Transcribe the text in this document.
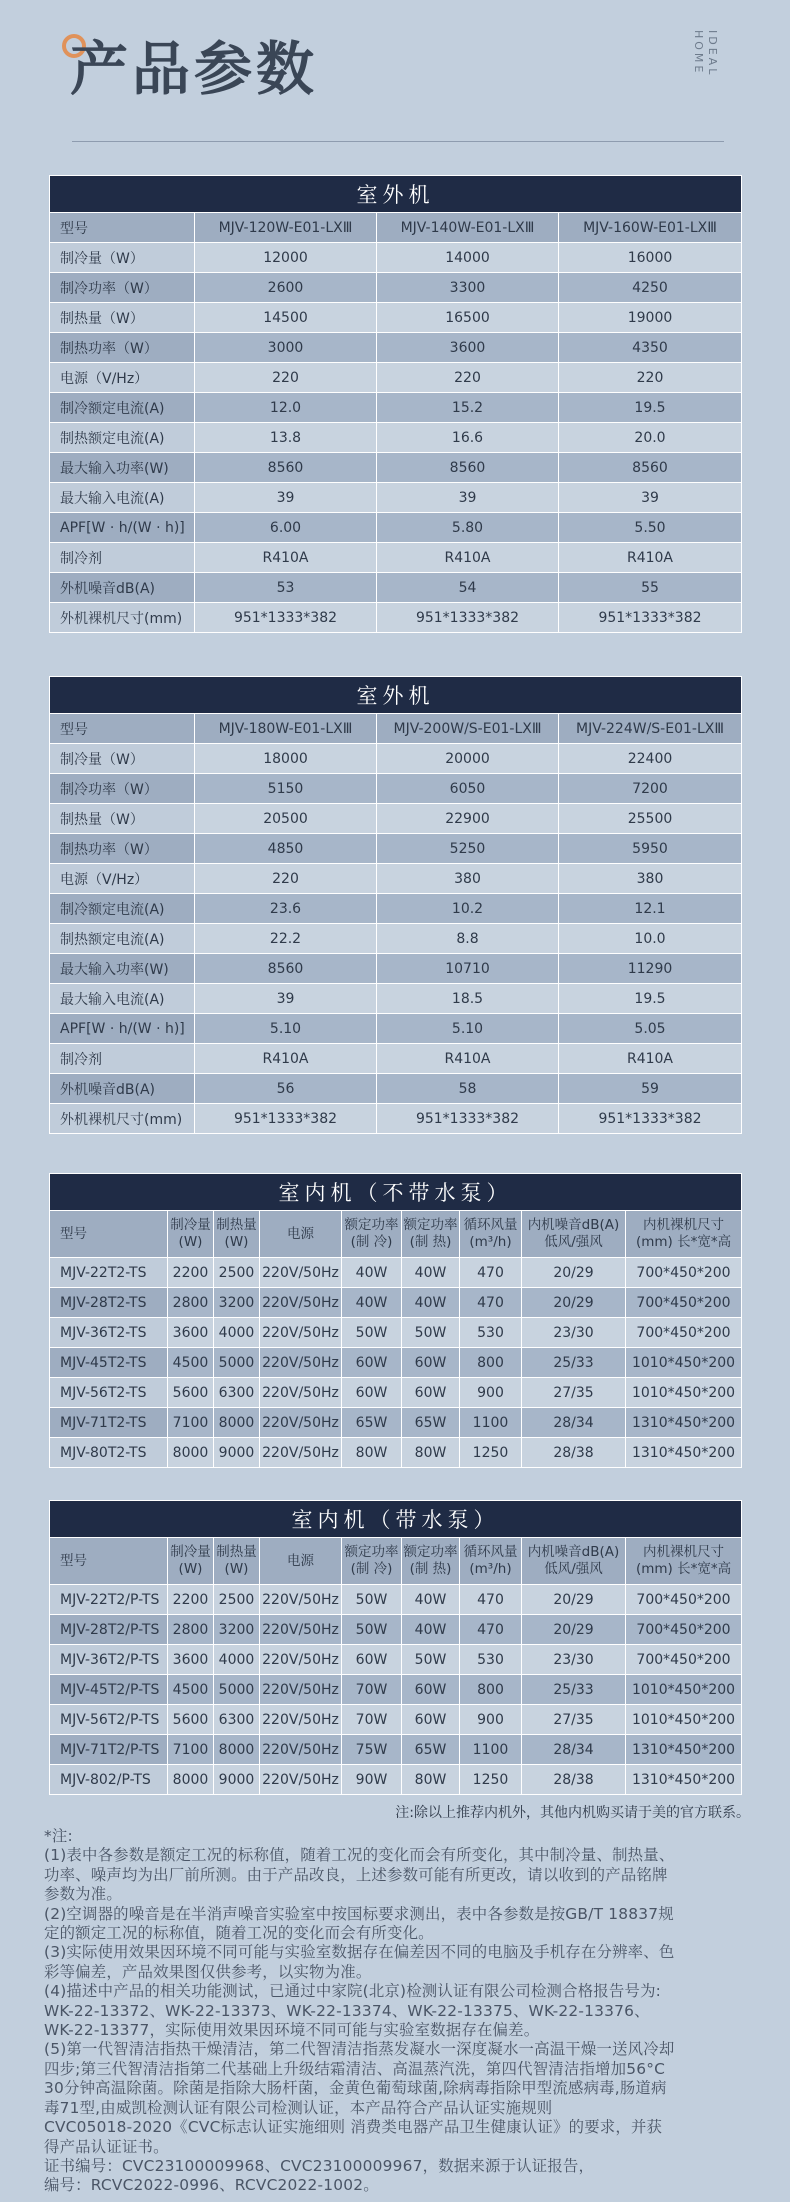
产品参数	IDEAL
HOME
室外机			
型号	MJV-120W-E01-LXⅢ	MJV-140W-E01-LXⅢ	MJV-160W-E01-LXⅢ
制冷量（W）	12000	14000	16000
制冷功率（W）	2600	3300	4250
制热量（W）	14500	16500	19000
制热功率（W）	3000	3600	4350
电源（V/Hz）	220	220	220
制冷额定电流(A)	12.0	15.2	19.5
制热额定电流(A)	13.8	16.6	20.0
最大输入功率(W)	8560	8560	8560
最大输入电流(A)	39	39	39
APF[W · h/(W · h)]	6.00	5.80	5.50
制冷剂	R410A	R410A	R410A
外机噪音dB(A)	53	54	55
外机裸机尺寸(mm)	951*1333*382	951*1333*382	951*1333*382
室外机			
型号	MJV-180W-E01-LXⅢ	MJV-200W/S-E01-LXⅢ	MJV-224W/S-E01-LXⅢ
制冷量（W）	18000	20000	22400
制冷功率（W）	5150	6050	7200
制热量（W）	20500	22900	25500
制热功率（W）	4850	5250	5950
电源（V/Hz）	220	380	380
制冷额定电流(A)	23.6	10.2	12.1
制热额定电流(A)	22.2	8.8	10.0
最大输入功率(W)	8560	10710	11290
最大输入电流(A)	39	18.5	19.5
APF[W · h/(W · h)]	5.10	5.10	5.05
制冷剂	R410A	R410A	R410A
外机噪音dB(A)	56	58	59
外机裸机尺寸(mm)	951*1333*382	951*1333*382	951*1333*382
室内机（不带水泵）								
型号	制冷量 (W)	制热量 (W)	电源	额定功率 (制 冷)	额定功率 (制 热)	循环风量 (m³/h)	内机噪音dB(A) 低风/强风	内机裸机尺寸 (mm) 长*宽*高
MJV-22T2-TS	2200	2500	220V/50Hz	40W	40W	470	20/29	700*450*200
MJV-28T2-TS	2800	3200	220V/50Hz	40W	40W	470	20/29	700*450*200
MJV-36T2-TS	3600	4000	220V/50Hz	50W	50W	530	23/30	700*450*200
MJV-45T2-TS	4500	5000	220V/50Hz	60W	60W	800	25/33	1010*450*200
MJV-56T2-TS	5600	6300	220V/50Hz	60W	60W	900	27/35	1010*450*200
MJV-71T2-TS	7100	8000	220V/50Hz	65W	65W	1100	28/34	1310*450*200
MJV-80T2-TS	8000	9000	220V/50Hz	80W	80W	1250	28/38	1310*450*200
室内机（带水泵）								
型号	制冷量 (W)	制热量 (W)	电源	额定功率 (制 冷)	额定功率 (制 热)	循环风量 (m³/h)	内机噪音dB(A) 低风/强风	内机裸机尺寸 (mm) 长*宽*高
MJV-22T2/P-TS	2200	2500	220V/50Hz	50W	40W	470	20/29	700*450*200
MJV-28T2/P-TS	2800	3200	220V/50Hz	50W	40W	470	20/29	700*450*200
MJV-36T2/P-TS	3600	4000	220V/50Hz	60W	50W	530	23/30	700*450*200
MJV-45T2/P-TS	4500	5000	220V/50Hz	70W	60W	800	25/33	1010*450*200
MJV-56T2/P-TS	5600	6300	220V/50Hz	70W	60W	900	27/35	1010*450*200
MJV-71T2/P-TS	7100	8000	220V/50Hz	75W	65W	1100	28/34	1310*450*200
MJV-802/P-TS	8000	9000	220V/50Hz	90W	80W	1250	28/38	1310*450*200
注:除以上推荐内机外，其他内机购买请于美的官方联系。
*注:
(1)表中各参数是额定工况的标称值，随着工况的变化而会有所变化，其中制冷量、制热量、
功率、噪声均为出厂前所测。由于产品改良，上述参数可能有所更改，请以收到的产品铭牌
参数为准。
(2)空调器的噪音是在半消声噪音实验室中按国标要求测出，表中各参数是按GB/T 18837规
定的额定工况的标称值，随着工况的变化而会有所变化。
(3)实际使用效果因环境不同可能与实验室数据存在偏差因不同的电脑及手机存在分辨率、色
彩等偏差，产品效果图仅供参考，以实物为准。
(4)描述中产品的相关功能测试，已通过中家院(北京)检测认证有限公司检测合格报告号为:
WK-22-13372、WK-22-13373、WK-22-13374、WK-22-13375、WK-22-13376、
WK-22-13377，实际使用效果因环境不同可能与实验室数据存在偏差。
(5)第一代智清洁指热干燥清洁，第二代智清洁指蒸发凝水一深度凝水一高温干燥一送风冷却
四步;第三代智清洁指第二代基础上升级结霜清洁、高温蒸汽洗，第四代智清洁指增加56°C
30分钟高温除菌。除菌是指除大肠杆菌，金黄色葡萄球菌,除病毒指除甲型流感病毒,肠道病
毒71型,由威凯检测认证有限公司检测认证，本产品符合产品认证实施规则
CVC05018-2020《CVC标志认证实施细则 消费类电器产品卫生健康认证》的要求，并获
得产品认证证书。
证书编号：CVC23100009968、CVC23100009967，数据来源于认证报告，
编号：RCVC2022-0996、RCVC2022-1002。
